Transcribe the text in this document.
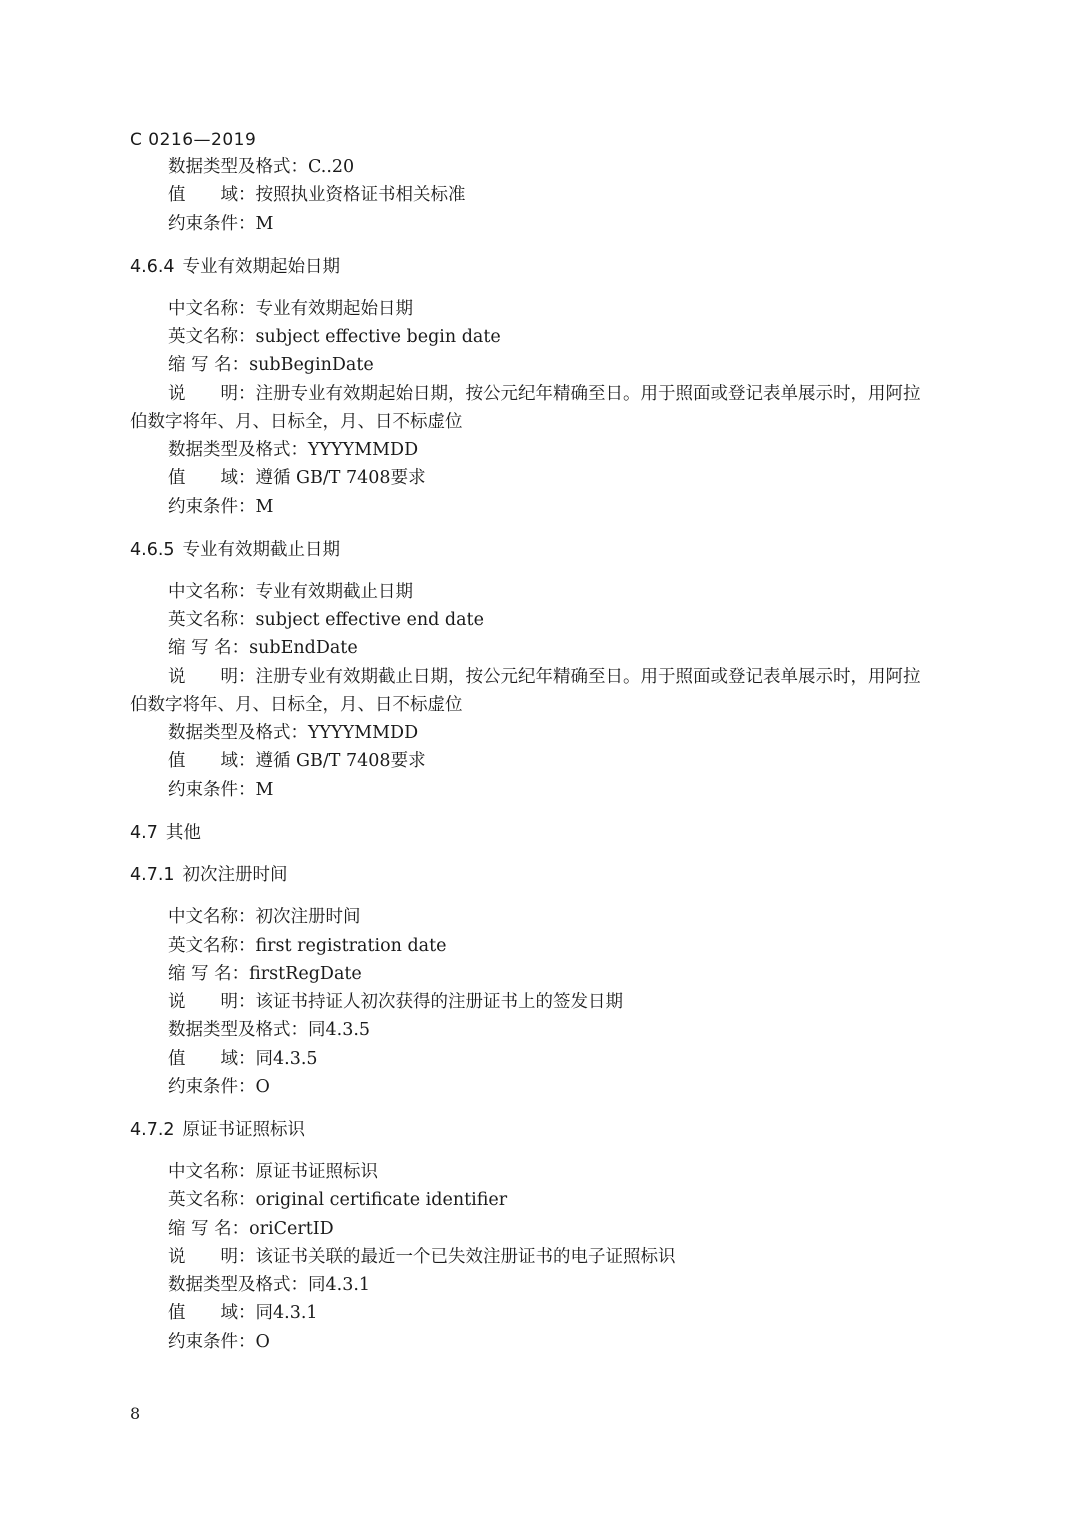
C 0216—2019
数据类型及格式：C..20
值　　域：按照执业资格证书相关标准
约束条件：M
4.6.4 专业有效期起始日期
中文名称：专业有效期起始日期
英文名称：subject effective begin date
缩 写 名：subBeginDate
说　　明：注册专业有效期起始日期，按公元纪年精确至日。用于照面或登记表单展示时，用阿拉
伯数字将年、月、日标全，月、日不标虚位
数据类型及格式：YYYYMMDD
值　　域：遵循 GB/T 7408要求
约束条件：M
4.6.5 专业有效期截止日期
中文名称：专业有效期截止日期
英文名称：subject effective end date
缩 写 名：subEndDate
说　　明：注册专业有效期截止日期，按公元纪年精确至日。用于照面或登记表单展示时，用阿拉
伯数字将年、月、日标全，月、日不标虚位
数据类型及格式：YYYYMMDD
值　　域：遵循 GB/T 7408要求
约束条件：M
4.7 其他
4.7.1 初次注册时间
中文名称：初次注册时间
英文名称：first registration date
缩 写 名：firstRegDate
说　　明：该证书持证人初次获得的注册证书上的签发日期
数据类型及格式：同4.3.5
值　　域：同4.3.5
约束条件：O
4.7.2 原证书证照标识
中文名称：原证书证照标识
英文名称：original certificate identifier
缩 写 名：oriCertID
说　　明：该证书关联的最近一个已失效注册证书的电子证照标识
数据类型及格式：同4.3.1
值　　域：同4.3.1
约束条件：O
8
